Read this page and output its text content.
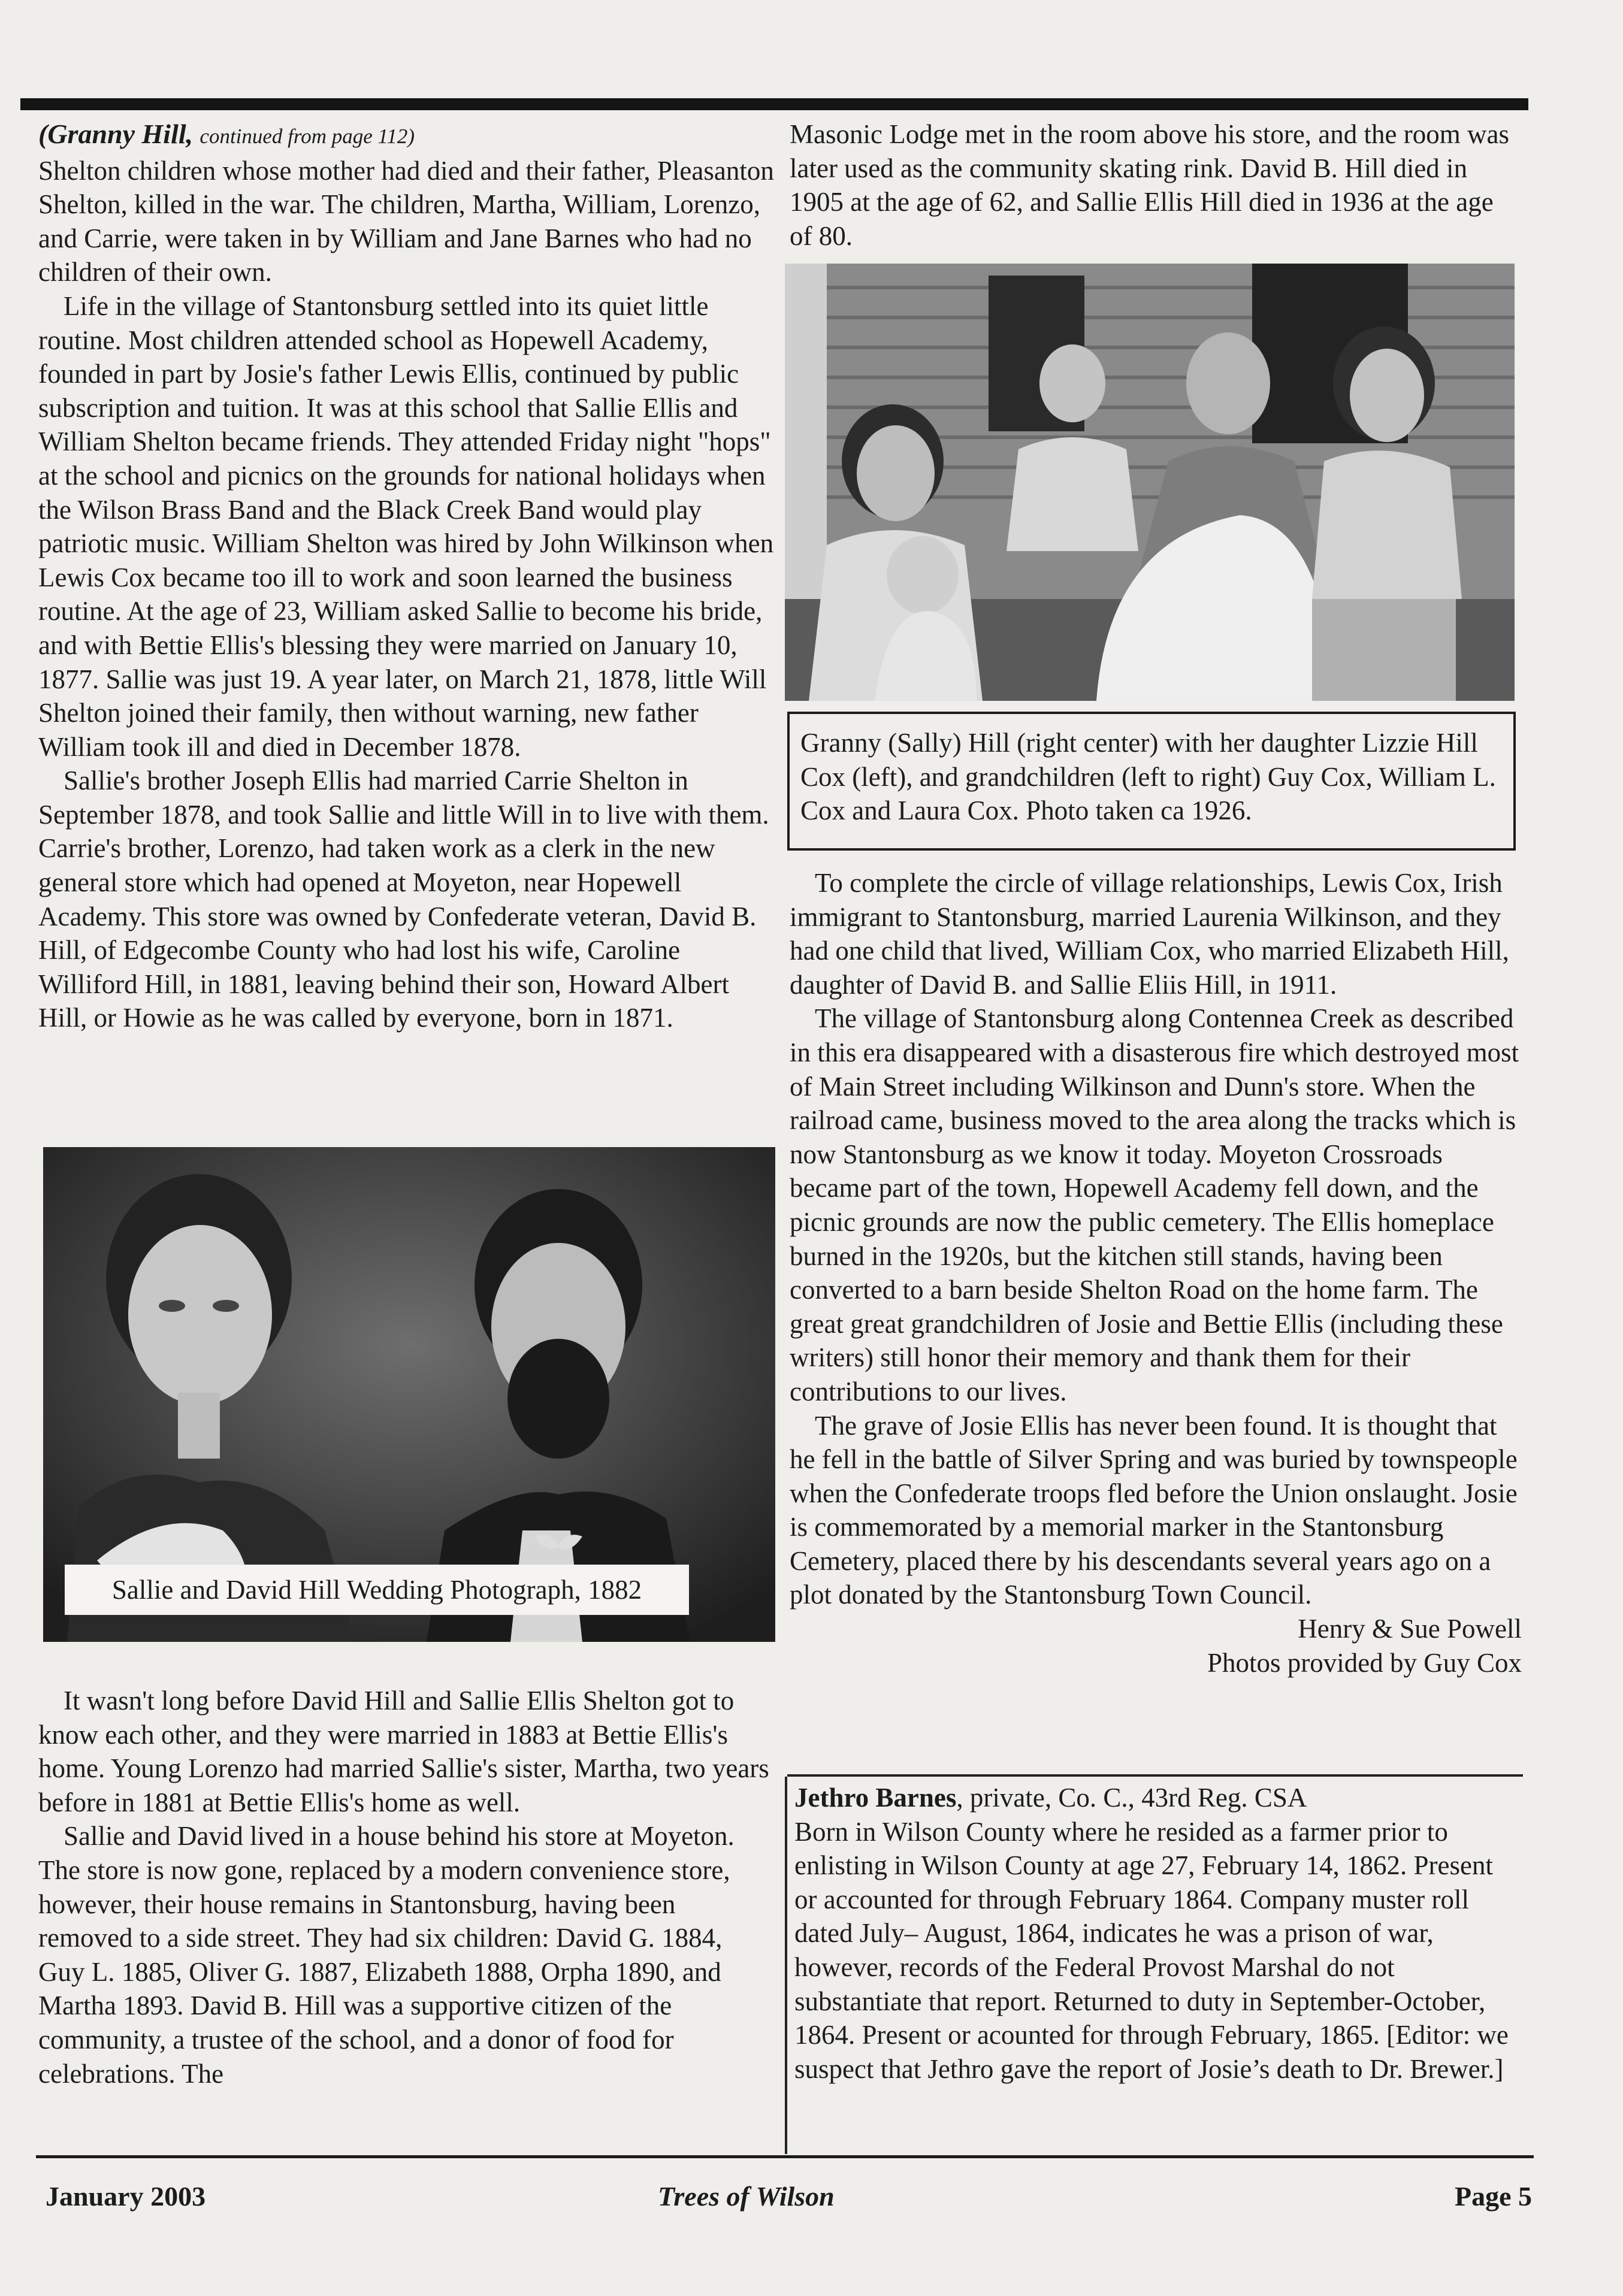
(Granny Hill, continued from page 112)

Shelton children whose mother had died and their father, Pleasanton Shelton, killed in the war. The children, Martha, William, Lorenzo, and Carrie, were taken in by William and Jane Barnes who had no children of their own.

Life in the village of Stantonsburg settled into its quiet little routine. Most children attended school as Hopewell Academy, founded in part by Josie's father Lewis Ellis, continued by public subscription and tuition. It was at this school that Sallie Ellis and William Shelton became friends. They attended Friday night "hops" at the school and picnics on the grounds for national holidays when the Wilson Brass Band and the Black Creek Band would play patriotic music. William Shelton was hired by John Wilkinson when Lewis Cox became too ill to work and soon learned the business routine. At the age of 23, William asked Sallie to become his bride, and with Bettie Ellis's blessing they were married on January 10, 1877. Sallie was just 19. A year later, on March 21, 1878, little Will Shelton joined their family, then without warning, new father William took ill and died in December 1878.

Sallie's brother Joseph Ellis had married Carrie Shelton in September 1878, and took Sallie and little Will in to live with them. Carrie's brother, Lorenzo, had taken work as a clerk in the new general store which had opened at Moyeton, near Hopewell Academy. This store was owned by Confederate veteran, David B. Hill, of Edgecombe County who had lost his wife, Caroline Williford Hill, in 1881, leaving behind their son, Howard Albert Hill, or Howie as he was called by everyone, born in 1871.

Sallie and David Hill Wedding Photograph, 1882

It wasn't long before David Hill and Sallie Ellis Shelton got to know each other, and they were married in 1883 at Bettie Ellis's home. Young Lorenzo had married Sallie's sister, Martha, two years before in 1881 at Bettie Ellis's home as well.

Sallie and David lived in a house behind his store at Moyeton. The store is now gone, replaced by a modern convenience store, however, their house remains in Stantonsburg, having been removed to a side street. They had six children: David G. 1884, Guy L. 1885, Oliver G. 1887, Elizabeth 1888, Orpha 1890, and Martha 1893. David B. Hill was a supportive citizen of the community, a trustee of the school, and a donor of food for celebrations. The

Masonic Lodge met in the room above his store, and the room was later used as the community skating rink. David B. Hill died in 1905 at the age of 62, and Sallie Ellis Hill died in 1936 at the age of 80.

Granny (Sally) Hill (right center) with her daughter Lizzie Hill Cox (left), and grandchildren (left to right) Guy Cox, William L. Cox and Laura Cox. Photo taken ca 1926.

To complete the circle of village relationships, Lewis Cox, Irish immigrant to Stantonsburg, married Laurenia Wilkinson, and they had one child that lived, William Cox, who married Elizabeth Hill, daughter of David B. and Sallie Eliis Hill, in 1911.

The village of Stantonsburg along Contennea Creek as described in this era disappeared with a disasterous fire which destroyed most of Main Street including Wilkinson and Dunn's store. When the railroad came, business moved to the area along the tracks which is now Stantonsburg as we know it today. Moyeton Crossroads became part of the town, Hopewell Academy fell down, and the picnic grounds are now the public cemetery. The Ellis homeplace burned in the 1920s, but the kitchen still stands, having been converted to a barn beside Shelton Road on the home farm. The great great grandchildren of Josie and Bettie Ellis (including these writers) still honor their memory and thank them for their contributions to our lives.

The grave of Josie Ellis has never been found. It is thought that he fell in the battle of Silver Spring and was buried by townspeople when the Confederate troops fled before the Union onslaught. Josie is commemorated by a memorial marker in the Stantonsburg Cemetery, placed there by his descendants several years ago on a plot donated by the Stantonsburg Town Council.

Henry & Sue Powell

Photos provided by Guy Cox

Jethro Barnes, private, Co. C., 43rd Reg. CSA

Born in Wilson County where he resided as a farmer prior to enlisting in Wilson County at age 27, February 14, 1862. Present or accounted for through February 1864. Company muster roll dated July– August, 1864, indicates he was a prison of war, however, records of the Federal Provost Marshal do not substantiate that report. Returned to duty in September-October, 1864. Present or acounted for through February, 1865. [Editor: we suspect that Jethro gave the report of Josie’s death to Dr. Brewer.]

January 2003	Trees of Wilson	Page 5
